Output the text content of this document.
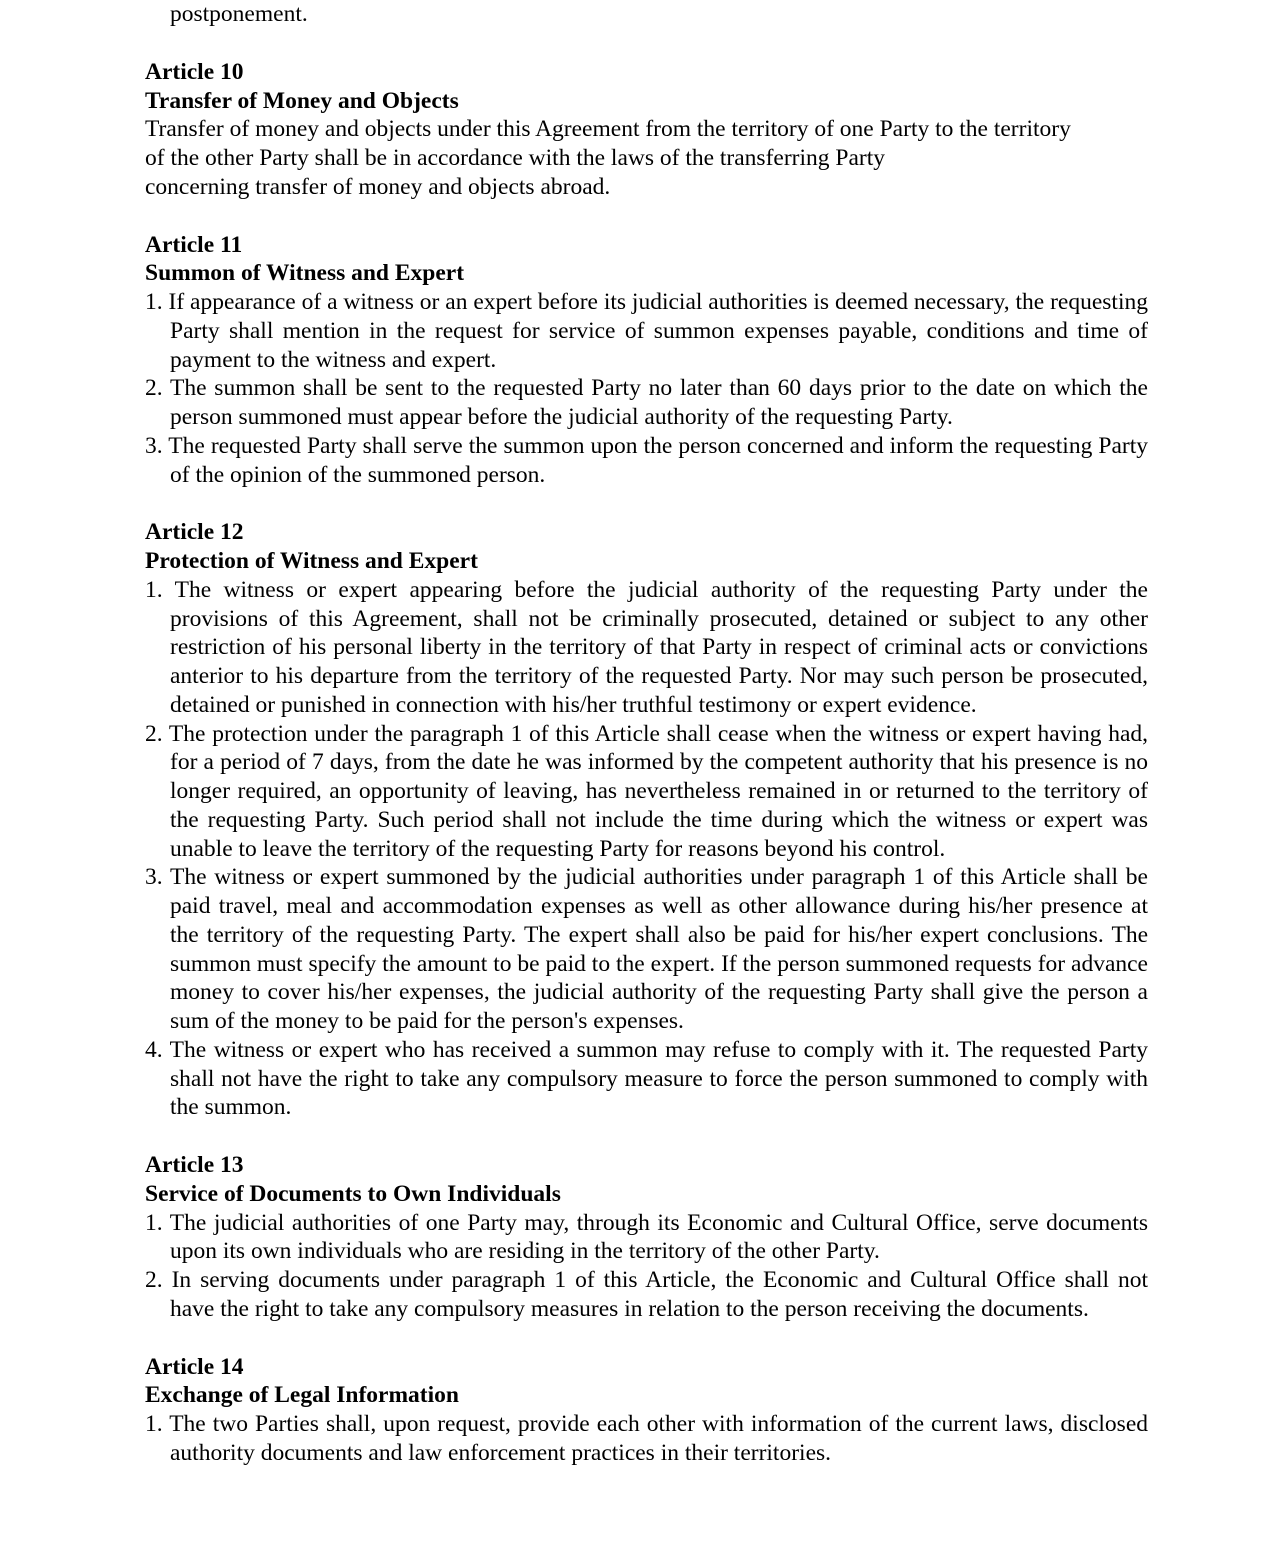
postponement.

Article 10

Transfer of Money and Objects

Transfer of money and objects under this Agreement from the territory of one Party to the territory

of the other Party shall be in accordance with the laws of the transferring Party

concerning transfer of money and objects abroad.

Article 11

Summon of Witness and Expert

1. If appearance of a witness or an expert before its judicial authorities is deemed necessary, the requesting Party shall mention in the request for service of summon expenses payable, conditions and time of payment to the witness and expert.

2. The summon shall be sent to the requested Party no later than 60 days prior to the date on which the person summoned must appear before the judicial authority of the requesting Party.

3. The requested Party shall serve the summon upon the person concerned and inform the requesting Party of the opinion of the summoned person.

Article 12

Protection of Witness and Expert

1. The witness or expert appearing before the judicial authority of the requesting Party under the provisions of this Agreement, shall not be criminally prosecuted, detained or subject to any other restriction of his personal liberty in the territory of that Party in respect of criminal acts or convictions anterior to his departure from the territory of the requested Party. Nor may such person be prosecuted, detained or punished in connection with his/her truthful testimony or expert evidence.

2. The protection under the paragraph 1 of this Article shall cease when the witness or expert having had, for a period of 7 days, from the date he was informed by the competent authority that his presence is no longer required, an opportunity of leaving, has nevertheless remained in or returned to the territory of the requesting Party. Such period shall not include the time during which the witness or expert was unable to leave the territory of the requesting Party for reasons beyond his control.

3. The witness or expert summoned by the judicial authorities under paragraph 1 of this Article shall be paid travel, meal and accommodation expenses as well as other allowance during his/her presence at the territory of the requesting Party. The expert shall also be paid for his/her expert conclusions. The summon must specify the amount to be paid to the expert. If the person summoned requests for advance money to cover his/her expenses, the judicial authority of the requesting Party shall give the person a sum of the money to be paid for the person's expenses.

4. The witness or expert who has received a summon may refuse to comply with it. The requested Party shall not have the right to take any compulsory measure to force the person summoned to comply with the summon.

Article 13

Service of Documents to Own Individuals

1. The judicial authorities of one Party may, through its Economic and Cultural Office, serve documents upon its own individuals who are residing in the territory of the other Party.

2. In serving documents under paragraph 1 of this Article, the Economic and Cultural Office shall not have the right to take any compulsory measures in relation to the person receiving the documents.

Article 14

Exchange of Legal Information

1. The two Parties shall, upon request, provide each other with information of the current laws, disclosed authority documents and law enforcement practices in their territories.
